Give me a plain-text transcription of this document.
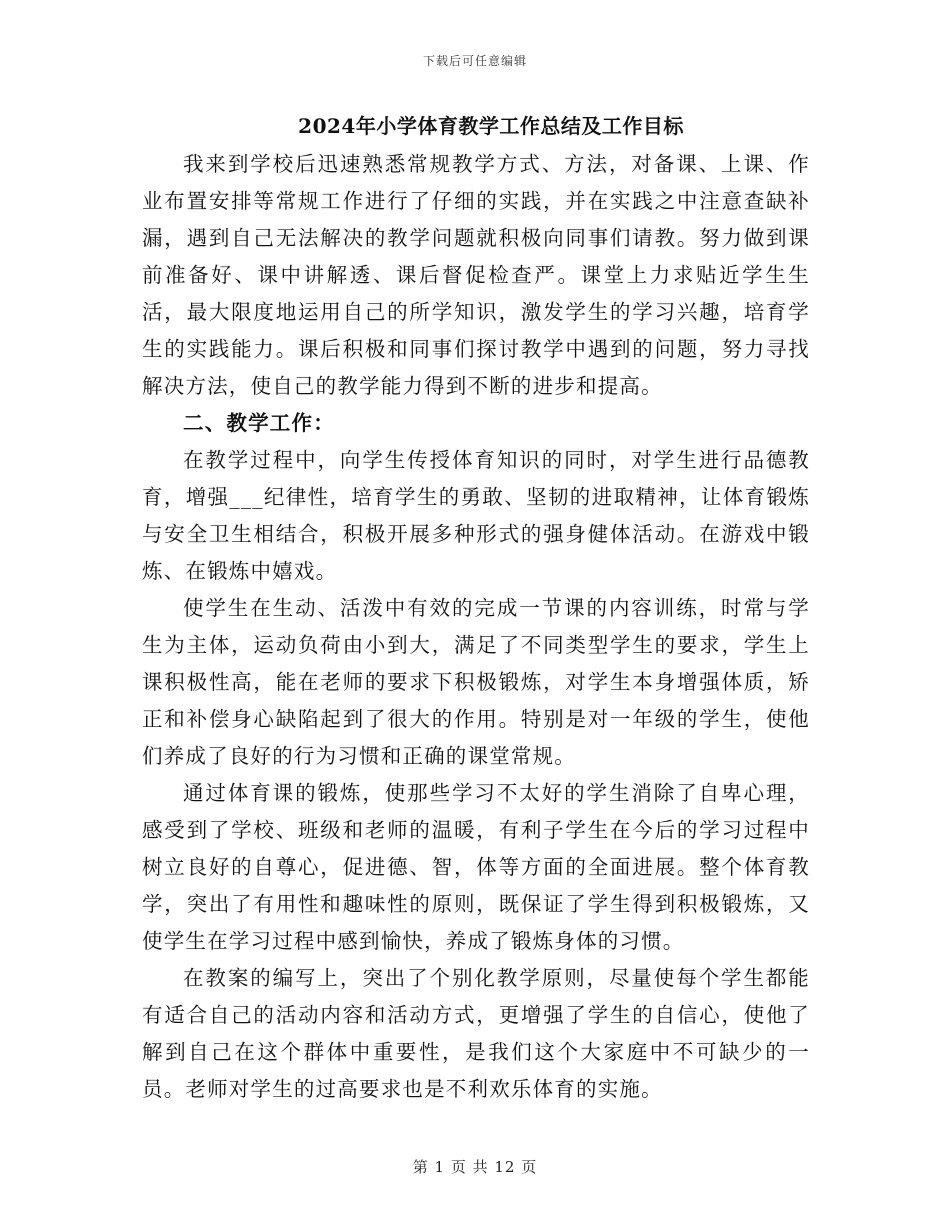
下载后可任意编辑
2024年小学体育教学工作总结及工作目标

我来到学校后迅速熟悉常规教学方式、方法，对备课、上课、作业布置安排等常规工作进行了仔细的实践，并在实践之中注意查缺补漏，遇到自己无法解决的教学问题就积极向同事们请教。努力做到课前准备好、课中讲解透、课后督促检查严。课堂上力求贴近学生生活，最大限度地运用自己的所学知识，激发学生的学习兴趣，培育学生的实践能力。课后积极和同事们探讨教学中遇到的问题，努力寻找解决方法，使自己的教学能力得到不断的进步和提高。

二、教学工作：

在教学过程中，向学生传授体育知识的同时，对学生进行品德教育，增强___纪律性，培育学生的勇敢、坚韧的进取精神，让体育锻炼与安全卫生相结合，积极开展多种形式的强身健体活动。在游戏中锻炼、在锻炼中嬉戏。

使学生在生动、活泼中有效的完成一节课的内容训练，时常与学生为主体，运动负荷由小到大，满足了不同类型学生的要求，学生上课积极性高，能在老师的要求下积极锻炼，对学生本身增强体质，矫正和补偿身心缺陷起到了很大的作用。特别是对一年级的学生，使他们养成了良好的行为习惯和正确的课堂常规。

通过体育课的锻炼，使那些学习不太好的学生消除了自卑心理，感受到了学校、班级和老师的温暖，有利子学生在今后的学习过程中树立良好的自尊心，促进德、智，体等方面的全面进展。整个体育教学，突出了有用性和趣味性的原则，既保证了学生得到积极锻炼，又使学生在学习过程中感到愉快，养成了锻炼身体的习惯。

在教案的编写上，突出了个别化教学原则，尽量使每个学生都能有适合自己的活动内容和活动方式，更增强了学生的自信心，使他了解到自己在这个群体中重要性，是我们这个大家庭中不可缺少的一员。老师对学生的过高要求也是不利欢乐体育的实施。

第 1 页 共 12 页
